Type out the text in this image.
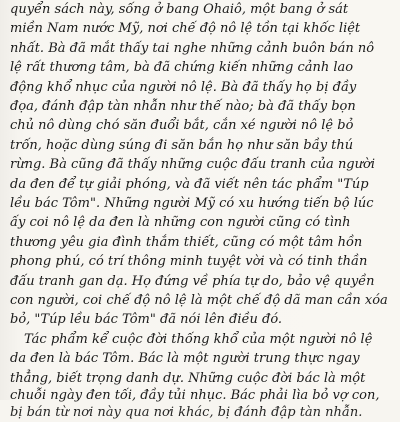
quyển sách này, sống ở bang Ohaiô, một bang ở sát
miền Nam nước Mỹ, nơi chế độ nô lệ tồn tại khốc liệt
nhất. Bà đã mắt thấy tai nghe những cảnh buôn bán nô
lệ rất thương tâm, bà đã chứng kiến những cảnh lao
động khổ nhục của người nô lệ. Bà đã thấy họ bị đầy
đọa, đánh đập tàn nhẫn như thế nào; bà đã thấy bọn
chủ nô dùng chó săn đuổi bắt, cắn xé người nô lệ bỏ
trốn, hoặc dùng súng đi săn bắn họ như săn bầy thú
rừng. Bà cũng đã thấy những cuộc đấu tranh của người
da đen để tự giải phóng, và đã viết nên tác phẩm "Túp
lều bác Tôm". Những người Mỹ có xu hướng tiến bộ lúc
ấy coi nô lệ da đen là những con người cũng có tình
thương yêu gia đình thắm thiết, cũng có một tâm hồn
phong phú, có trí thông minh tuyệt vời và có tinh thần
đấu tranh gan dạ. Họ đứng về phía tự do, bảo vệ quyền
con người, coi chế độ nô lệ là một chế độ dã man cần xóa
bỏ, "Túp lều bác Tôm" đã nói lên điều đó.
Tác phẩm kể cuộc đời thống khổ của một người nô lệ
da đen là bác Tôm. Bác là một người trung thực ngay
thẳng, biết trọng danh dự. Những cuộc đời bác là một
chuỗi ngày đen tối, đầy tủi nhục. Bác phải lìa bỏ vợ con,
bị bán từ nơi này qua nơi khác, bị đánh đập tàn nhẫn.
